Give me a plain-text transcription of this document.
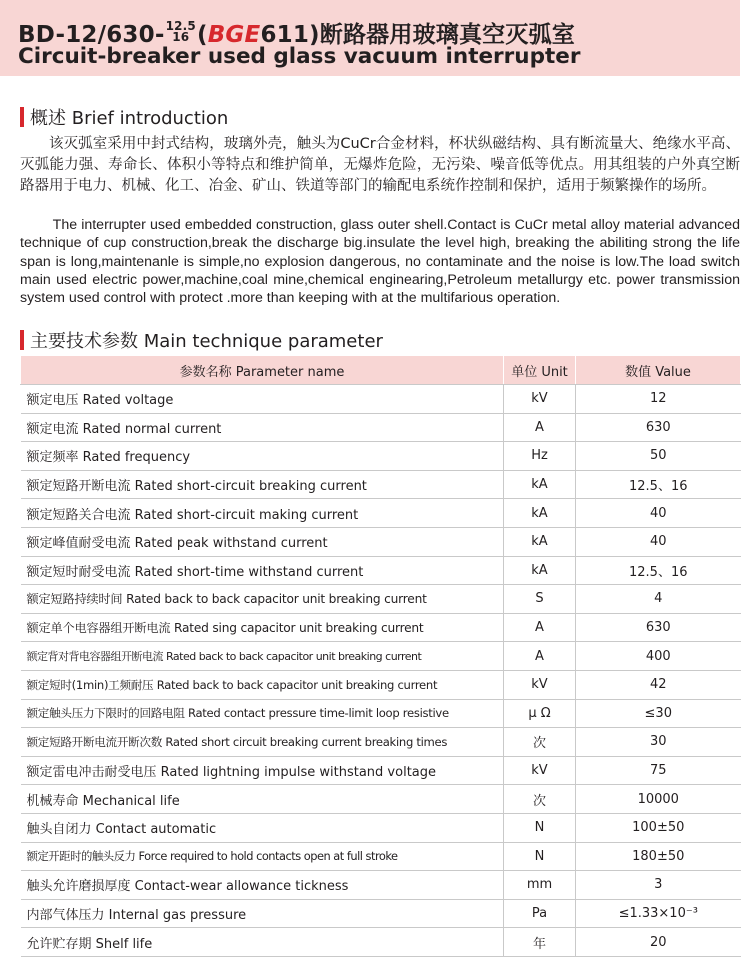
BD-12/630- 12.5
16 (BGE611)断路器用玻璃真空灭弧室
Circuit-breaker used glass vacuum interrupter
概述 Brief introduction
该灭弧室采用中封式结构，玻璃外壳，触头为CuCr合金材料，杯状纵磁结构、具有断流量大、绝缘水平高、灭弧能力强、寿命长、体积小等特点和维护简单，无爆炸危险，无污染、噪音低等优点。用其组装的户外真空断路器用于电力、机械、化工、冶金、矿山、铁道等部门的输配电系统作控制和保护，适用于频繁操作的场所。
The interrupter used embedded construction, glass outer shell.Contact is CuCr metal alloy material advanced technique of cup construction,break the discharge big.insulate the level high, breaking the abiliting strong the life span is long,maintenanle is simple,no explosion dangerous, no contaminate and the noise is low.The load switch main used electric power,machine,coal mine,chemical enginearing,Petroleum metallurgy etc. power transmission system used control with protect .more than keeping with at the multifarious operation.
主要技术参数 Main technique parameter
参数名称 Parameter name	单位 Unit	数值 Value
额定电压 Rated voltage	kV	12
额定电流 Rated normal current	A	630
额定频率 Rated frequency	Hz	50
额定短路开断电流 Rated short-circuit breaking current	kA	12.5、16
额定短路关合电流 Rated short-circuit making current	kA	40
额定峰值耐受电流 Rated peak withstand current	kA	40
额定短时耐受电流 Rated short-time withstand current	kA	12.5、16
额定短路持续时间 Rated back to back capacitor unit breaking current	S	4
额定单个电容器组开断电流 Rated sing capacitor unit breaking current	A	630
额定背对背电容器组开断电流 Rated back to back capacitor unit breaking current	A	400
额定短时(1min)工频耐压 Rated back to back capacitor unit breaking current	kV	42
额定触头压力下限时的回路电阻 Rated contact pressure time-limit loop resistive	μ Ω	≤30
额定短路开断电流开断次数 Rated short circuit breaking current breaking times	次	30
额定雷电冲击耐受电压 Rated lightning impulse withstand voltage	kV	75
机械寿命 Mechanical life	次	10000
触头自闭力 Contact automatic	N	100±50
额定开距时的触头反力 Force required to hold contacts open at full stroke	N	180±50
触头允许磨损厚度 Contact-wear allowance tickness	mm	3
内部气体压力 Internal gas pressure	Pa	≤1.33×10⁻³
允许贮存期 Shelf life	年	20
